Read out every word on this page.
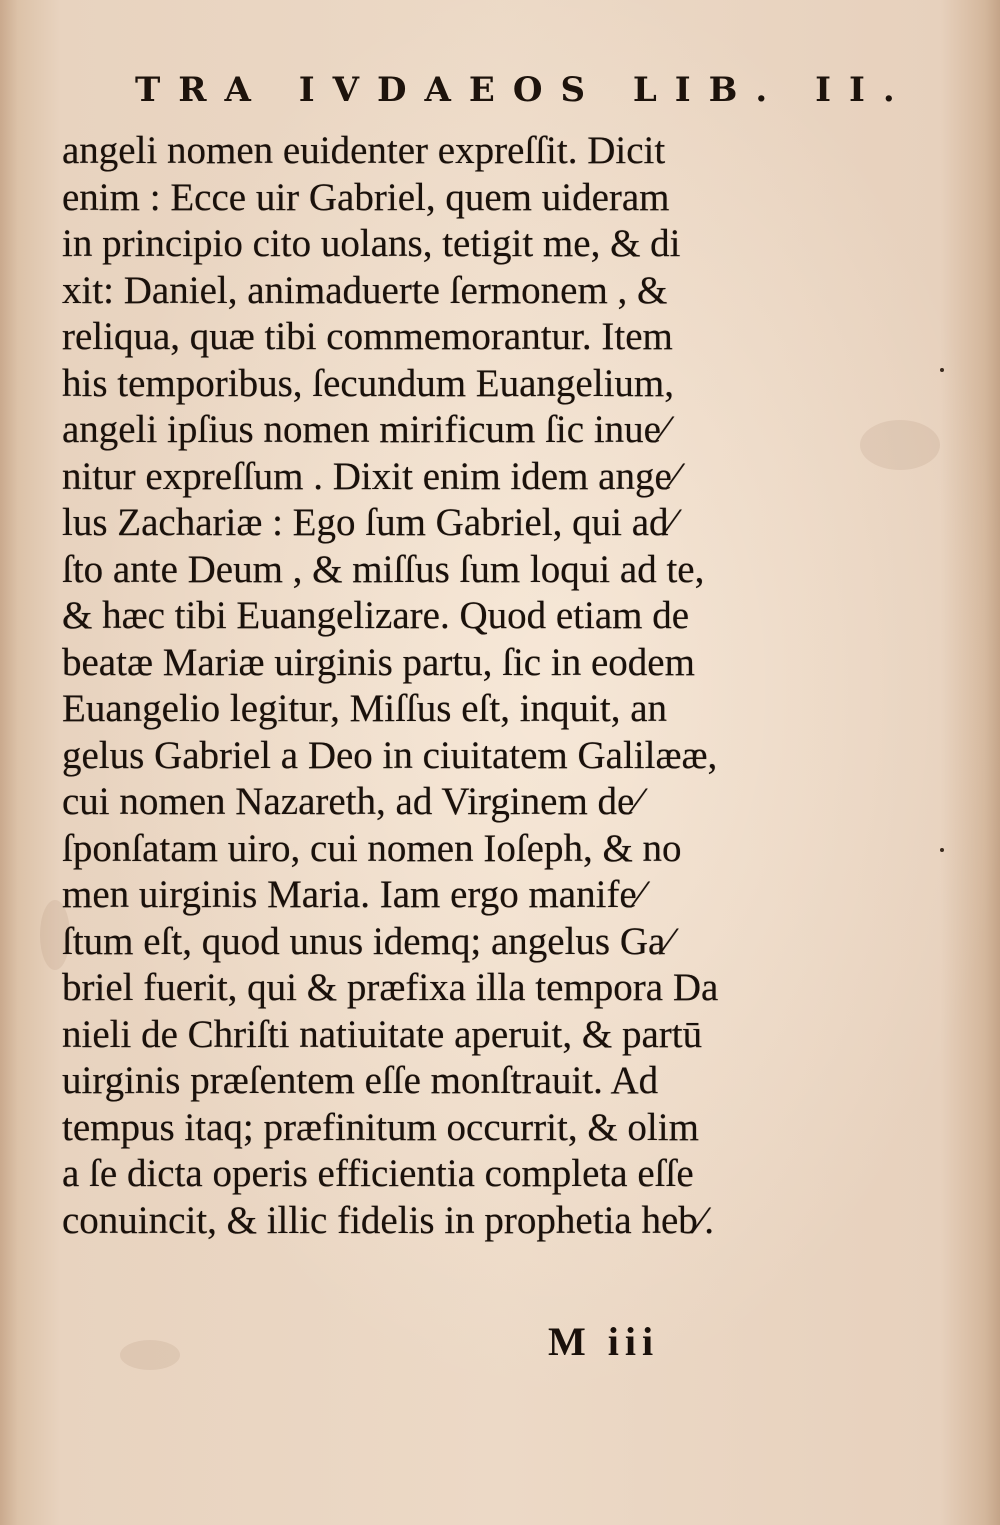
TRA IVDAEOS LIB. II.
angeli nomen euidenter expreſſit. Dicit
enim : Ecce uir Gabriel, quem uideram
in principio cito uolans, tetigit me, & di
xit: Daniel, animaduerte ſermonem , &
reliqua, quæ tibi commemorantur. Item
his temporibus, ſecundum Euangelium,
angeli ipſius nomen mirificum ſic inue⁄
nitur expreſſum . Dixit enim idem ange⁄
lus Zachariæ : Ego ſum Gabriel, qui ad⁄
ſto ante Deum , & miſſus ſum loqui ad te,
& hæc tibi Euangelizare. Quod etiam de
beatæ Mariæ uirginis partu, ſic in eodem
Euangelio legitur, Miſſus eſt, inquit, an
gelus Gabriel a Deo in ciuitatem Galilææ,
cui nomen Nazareth, ad Virginem de⁄
ſponſatam uiro, cui nomen Ioſeph, & no
men uirginis Maria. Iam ergo manife⁄
ſtum eſt, quod unus idemq; angelus Ga⁄
briel fuerit, qui & præfixa illa tempora Da
nieli de Chriſti natiuitate aperuit, & partū
uirginis præſentem eſſe monſtrauit. Ad
tempus itaq; præfinitum occurrit, & olim
a ſe dicta operis efficientia completa eſſe
conuincit, & illic fidelis in prophetia heb⁄.
M iii
